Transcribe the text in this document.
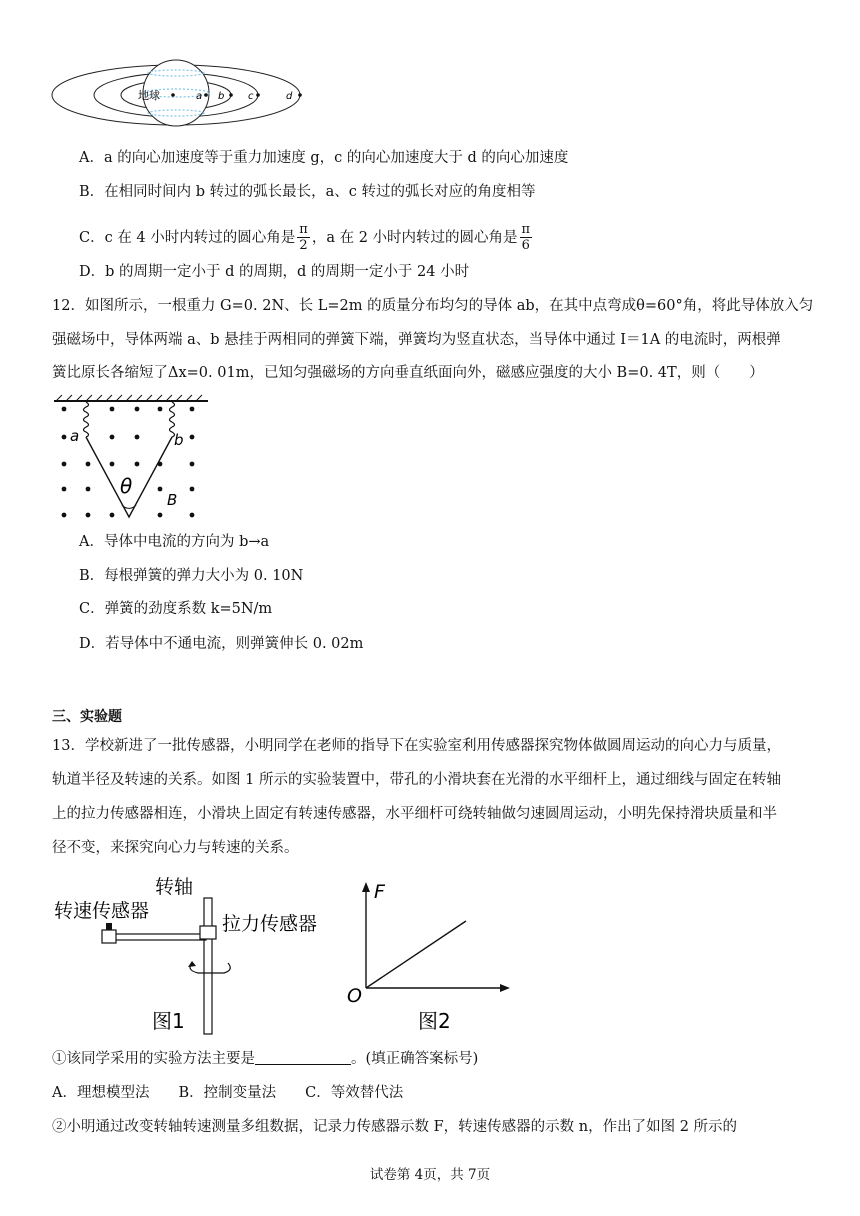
地球	a b c	d
A．a 的向心加速度等于重力加速度 g，c 的向心加速度大于 d 的向心加速度
B．在相同时间内 b 转过的弧长最长，a、c 转过的弧长对应的角度相等
C．c 在 4 小时内转过的圆心角是 $\frac{\pi}{2}$ ，a 在 2 小时内转过的圆心角是 $\frac{\pi}{6}$
D．b 的周期一定小于 d 的周期，d 的周期一定小于 24 小时
12．如图所示，一根重力 G=0. 2N、长 L=2m 的质量分布均匀的导体 ab，在其中点弯成θ=60°角，将此导体放入匀
强磁场中，导体两端 a、b 悬挂于两相同的弹簧下端，弹簧均为竖直状态，当导体中通过 I＝1A 的电流时，两根弹
簧比原长各缩短了Δx=0. 01m，已知匀强磁场的方向垂直纸面向外，磁感应强度的大小 B=0. 4T，则（　　）
a	b
θ
B
A．导体中电流的方向为 b→a
B．每根弹簧的弹力大小为 0. 10N
C．弹簧的劲度系数 k=5N/m
D．若导体中不通电流，则弹簧伸长 0. 02m
三、实验题
13．学校新进了一批传感器，小明同学在老师的指导下在实验室利用传感器探究物体做圆周运动的向心力与质量，
轨道半径及转速的关系。如图 1 所示的实验装置中，带孔的小滑块套在光滑的水平细杆上，通过细线与固定在转轴
上的拉力传感器相连，小滑块上固定有转速传感器，水平细杆可绕转轴做匀速圆周运动，小明先保持滑块质量和半
径不变，来探究向心力与转速的关系。
转轴
转速传感器
拉力传感器
图1
F
O
图2
①该同学采用的实验方法主要是	。(填正确答案标号)
A．理想模型法　　B．控制变量法　　C．等效替代法
②小明通过改变转轴转速测量多组数据，记录力传感器示数 F，转速传感器的示数 n，作出了如图 2 所示的
试卷第 4页，共 7页
